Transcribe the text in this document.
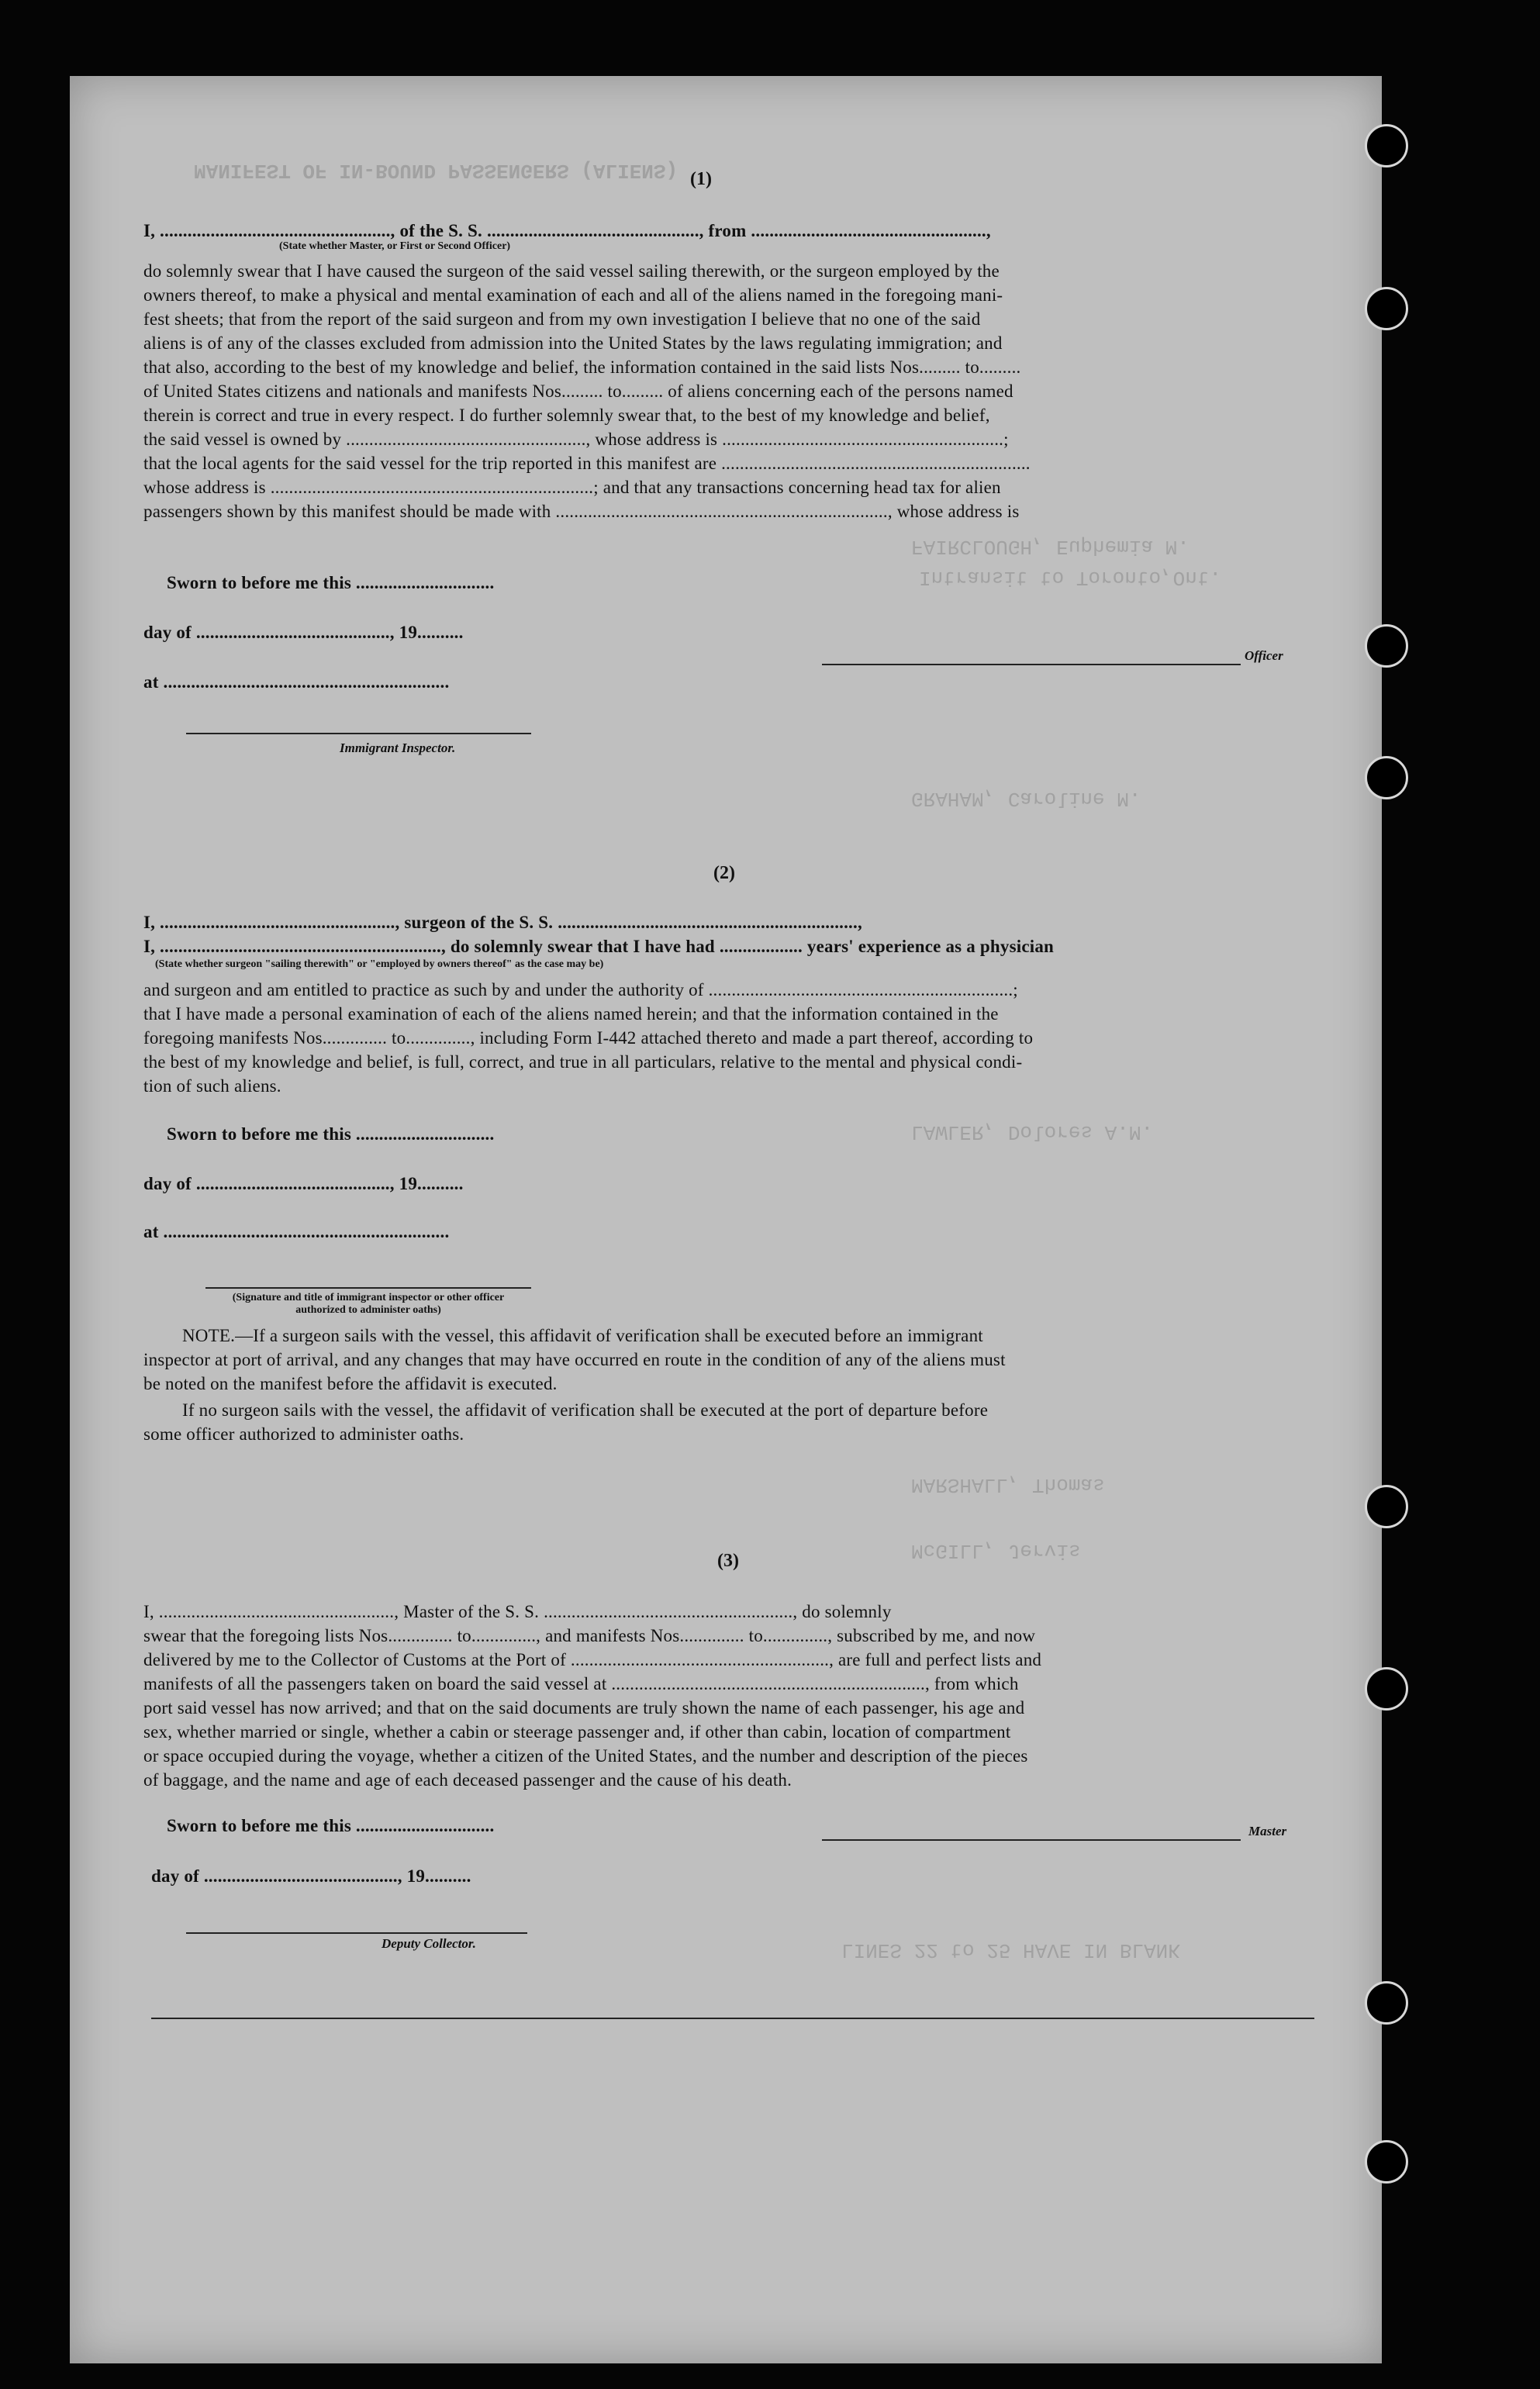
MANIFEST OF IN-BOUND PASSENGERS (ALIENS)
FAIRCLOUGH, Euphemia M.
Intransit to Toronto,Ont.
GRAHAM, Caroline M.
LAWLER, Dolores A.M.
MARSHALL, Thomas
McGILL, Jervis
LINES 22 to 25 HAVE IN BLANK
(1)
I, .................................................., of the S. S. .............................................., from ...................................................,
(State whether Master, or First or Second Officer)
do solemnly swear that I have caused the surgeon of the said vessel sailing therewith, or the surgeon employed by the
owners thereof, to make a physical and mental examination of each and all of the aliens named in the foregoing mani-
fest sheets; that from the report of the said surgeon and from my own investigation I believe that no one of the said
aliens is of any of the classes excluded from admission into the United States by the laws regulating immigration; and
that also, according to the best of my knowledge and belief, the information contained in the said lists Nos......... to.........
of United States citizens and nationals and manifests Nos......... to......... of aliens concerning each of the persons named
therein is correct and true in every respect. I do further solemnly swear that, to the best of my knowledge and belief,
the said vessel is owned by ...................................................., whose address is .............................................................;
that the local agents for the said vessel for the trip reported in this manifest are ...................................................................
whose address is ......................................................................; and that any transactions concerning head tax for alien
passengers shown by this manifest should be made with ........................................................................, whose address is
Sworn to before me this ..............................
day of .........................................., 19..........
at ..............................................................
Officer
Immigrant Inspector.
(2)
I, ..................................................., surgeon of the S. S. .................................................................,
I, ............................................................., do solemnly swear that I have had .................. years' experience as a physician
(State whether surgeon "sailing therewith" or "employed by owners thereof" as the case may be)
and surgeon and am entitled to practice as such by and under the authority of ..................................................................;
that I have made a personal examination of each of the aliens named herein; and that the information contained in the
foregoing manifests Nos.............. to.............., including Form I-442 attached thereto and made a part thereof, according to
the best of my knowledge and belief, is full, correct, and true in all particulars, relative to the mental and physical condi-
tion of such aliens.
Sworn to before me this ..............................
day of .........................................., 19..........
at ..............................................................
(Signature and title of immigrant inspector or other officer authorized to administer oaths)
NOTE.—If a surgeon sails with the vessel, this affidavit of verification shall be executed before an immigrant
inspector at port of arrival, and any changes that may have occurred en route in the condition of any of the aliens must
be noted on the manifest before the affidavit is executed.
If no surgeon sails with the vessel, the affidavit of verification shall be executed at the port of departure before
some officer authorized to administer oaths.
(3)
I, ..................................................., Master of the S. S. ......................................................, do solemnly
swear that the foregoing lists Nos.............. to.............., and manifests Nos.............. to.............., subscribed by me, and now
delivered by me to the Collector of Customs at the Port of ........................................................, are full and perfect lists and
manifests of all the passengers taken on board the said vessel at ...................................................................., from which
port said vessel has now arrived; and that on the said documents are truly shown the name of each passenger, his age and
sex, whether married or single, whether a cabin or steerage passenger and, if other than cabin, location of compartment
or space occupied during the voyage, whether a citizen of the United States, and the number and description of the pieces
of baggage, and the name and age of each deceased passenger and the cause of his death.
Sworn to before me this ..............................
day of .........................................., 19..........
Master
Deputy Collector.
